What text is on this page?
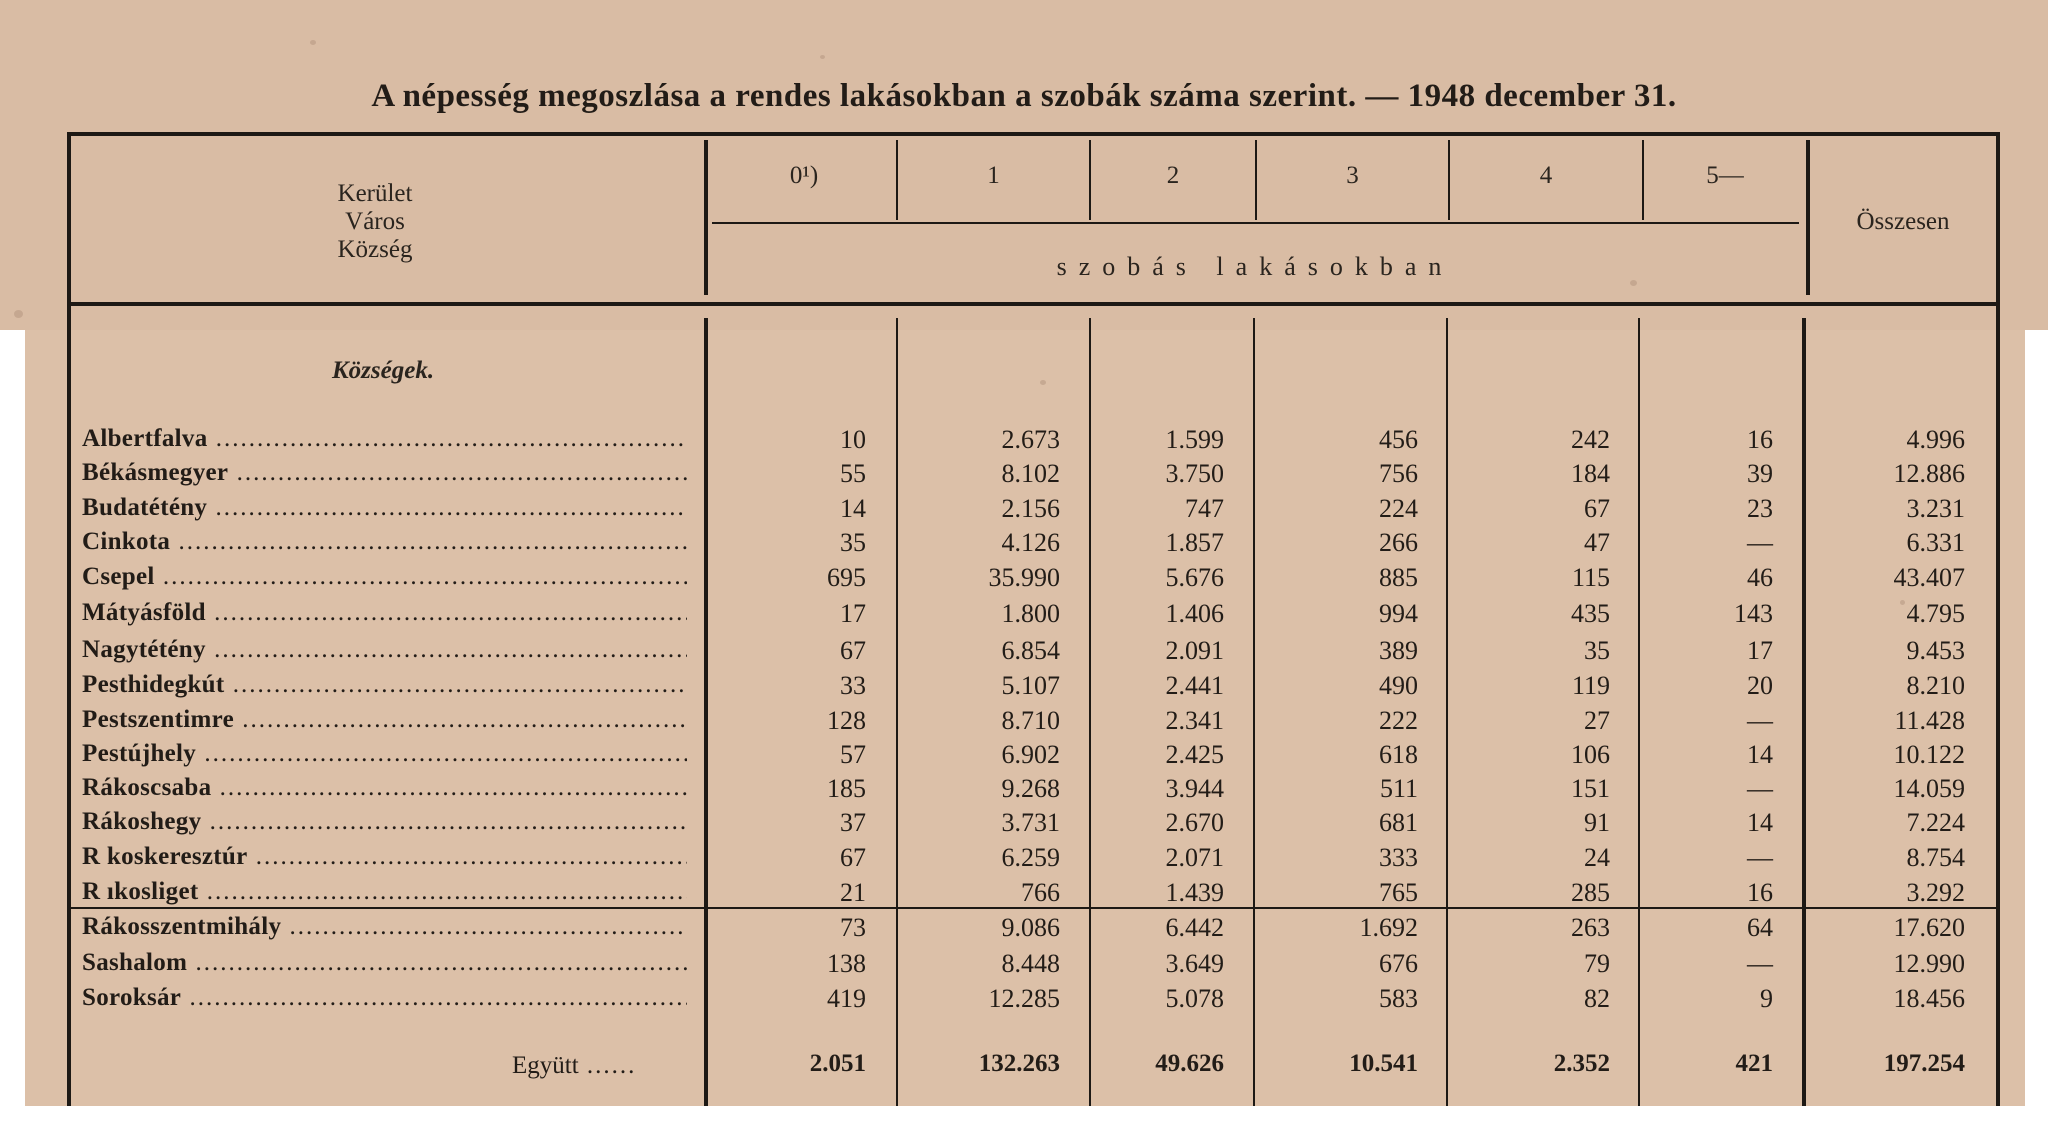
A népesség megoszlása a rendes lakásokban a szobák száma szerint. — 1948 december 31.
Kerület
Város
Község
0¹)	1	2	3	4	5—
Összesen
szobás lakásokban
Községek.
Albertfalva .....	10	2.673	1.599	456	242	16	4.996
Békásmegyer .....	55	8.102	3.750	756	184	39	12.886
Budatétény .....	14	2.156	747	224	67	23	3.231
Cinkota .....	35	4.126	1.857	266	47	—	6.331
Csepel .....	695	35.990	5.676	885	115	46	43.407
Mátyásföld .....	17	1.800	1.406	994	435	143	4.795
Nagytétény .....	67	6.854	2.091	389	35	17	9.453
Pesthidegkút .....	33	5.107	2.441	490	119	20	8.210
Pestszentimre .....	128	8.710	2.341	222	27	—	11.428
Pestújhely .....	57	6.902	2.425	618	106	14	10.122
Rákoscsaba .....	185	9.268	3.944	511	151	—	14.059
Rákoshegy .....	37	3.731	2.670	681	91	14	7.224
R koskeresztúr .....	67	6.259	2.071	333	24	—	8.754
R ıkosliget .....	21	766	1.439	765	285	16	3.292
Rákosszentmihály .....	73	9.086	6.442	1.692	263	64	17.620
Sashalom .....	138	8.448	3.649	676	79	—	12.990
Soroksár .....	419	12.285	5.078	583	82	9	18.456
Együtt ......	2.051	132.263	49.626	10.541	2.352	421	197.254
